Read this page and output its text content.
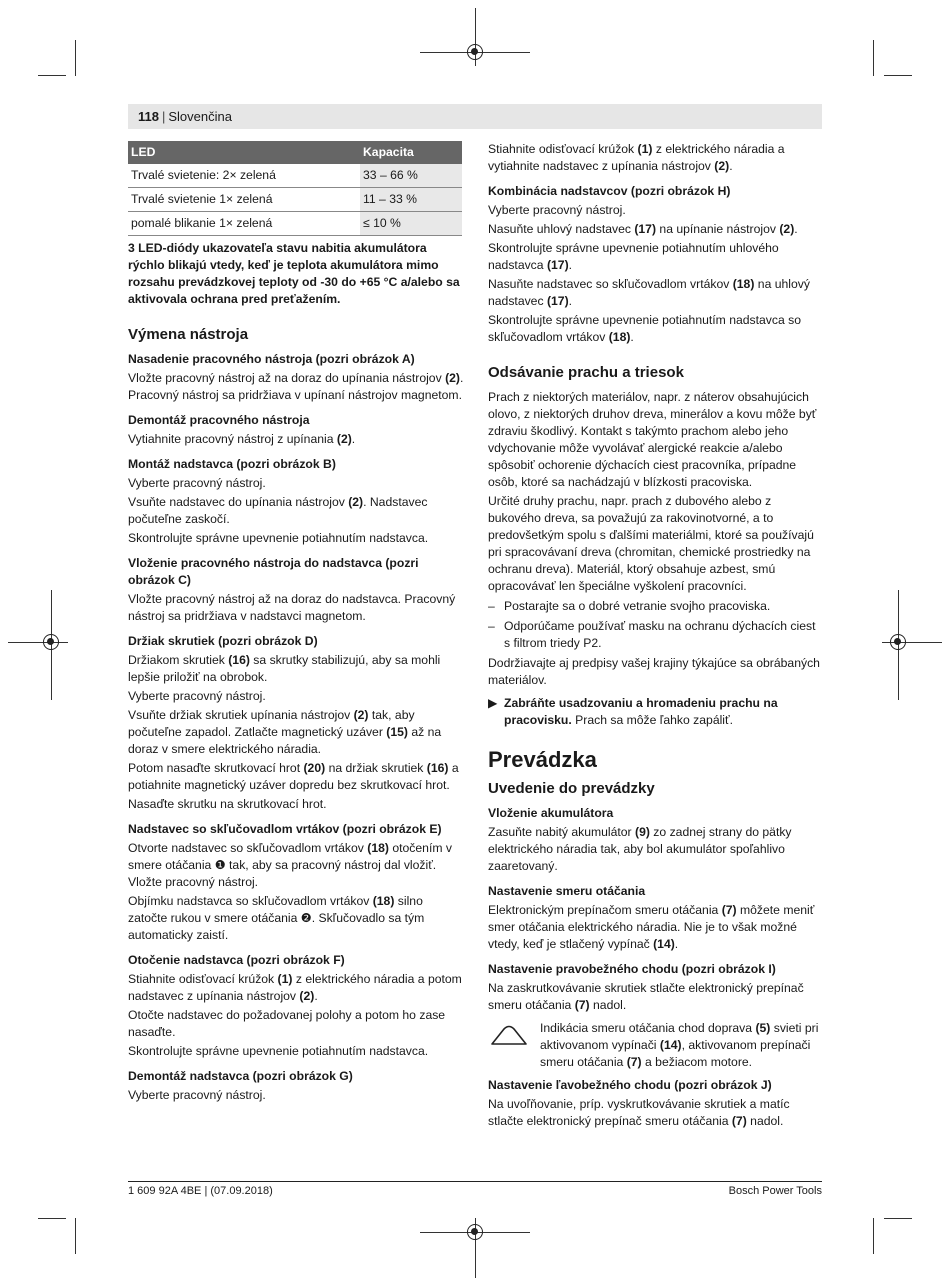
118 | Slovenčina
LED	Kapacita
Trvalé svietenie: 2× zelená	33 – 66 %
Trvalé svietenie 1× zelená	11 – 33 %
pomalé blikanie 1× zelená	≤ 10 %

3 LED-diódy ukazovateľa stavu nabitia akumulátora rýchlo blikajú vtedy, keď je teplota akumulátora mimo rozsahu prevádzkovej teploty od -30 do +65 °C a/alebo sa aktivovala ochrana pred preťažením.

Výmena nástroja
Nasadenie pracovného nástroja (pozri obrázok A)

Vložte pracovný nástroj až na doraz do upínania nástrojov (2). Pracovný nástroj sa pridržiava v upínaní nástrojov magnetom.

Demontáž pracovného nástroja

Vytiahnite pracovný nástroj z upínania (2).

Montáž nadstavca (pozri obrázok B)

Vyberte pracovný nástroj.

Vsuňte nadstavec do upínania nástrojov (2). Nadstavec počuteľne zaskočí.

Skontrolujte správne upevnenie potiahnutím nadstavca.

Vloženie pracovného nástroja do nadstavca (pozri obrázok C)

Vložte pracovný nástroj až na doraz do nadstavca. Pracovný nástroj sa pridržiava v nadstavci magnetom.

Držiak skrutiek (pozri obrázok D)

Držiakom skrutiek (16) sa skrutky stabilizujú, aby sa mohli lepšie priložiť na obrobok.

Vyberte pracovný nástroj.

Vsuňte držiak skrutiek upínania nástrojov (2) tak, aby počuteľne zapadol. Zatlačte magnetický uzáver (15) až na doraz v smere elektrického náradia.

Potom nasaďte skrutkovací hrot (20) na držiak skrutiek (16) a potiahnite magnetický uzáver dopredu bez skrutkovací hrot.

Nasaďte skrutku na skrutkovací hrot.

Nadstavec so skľučovadlom vrtákov (pozri obrázok E)

Otvorte nadstavec so skľučovadlom vrtákov (18) otočením v smere otáčania ❶ tak, aby sa pracovný nástroj dal vložiť. Vložte pracovný nástroj.

Objímku nadstavca so skľučovadlom vrtákov (18) silno zatočte rukou v smere otáčania ❷. Skľučovadlo sa tým automaticky zaistí.

Otočenie nadstavca (pozri obrázok F)

Stiahnite odisťovací krúžok (1) z elektrického náradia a potom nadstavec z upínania nástrojov (2).

Otočte nadstavec do požadovanej polohy a potom ho zase nasaďte.

Skontrolujte správne upevnenie potiahnutím nadstavca.

Demontáž nadstavca (pozri obrázok G)

Vyberte pracovný nástroj.

Stiahnite odisťovací krúžok (1) z elektrického náradia a vytiahnite nadstavec z upínania nástrojov (2).

Kombinácia nadstavcov (pozri obrázok H)

Vyberte pracovný nástroj.

Nasuňte uhlový nadstavec (17) na upínanie nástrojov (2).

Skontrolujte správne upevnenie potiahnutím uhlového nadstavca (17).

Nasuňte nadstavec so skľučovadlom vrtákov (18) na uhlový nadstavec (17).

Skontrolujte správne upevnenie potiahnutím nadstavca so skľučovadlom vrtákov (18).

Odsávanie prachu a triesok

Prach z niektorých materiálov, napr. z náterov obsahujúcich olovo, z niektorých druhov dreva, minerálov a kovu môže byť zdraviu škodlivý. Kontakt s takýmto prachom alebo jeho vdychovanie môže vyvolávať alergické reakcie a/alebo spôsobiť ochorenie dýchacích ciest pracovníka, prípadne osôb, ktoré sa nachádzajú v blízkosti pracoviska.

Určité druhy prachu, napr. prach z dubového alebo z bukového dreva, sa považujú za rakovinotvorné, a to predovšetkým spolu s ďalšími materiálmi, ktoré sa používajú pri spracovávaní dreva (chromitan, chemické prostriedky na ochranu dreva). Materiál, ktorý obsahuje azbest, smú opracovávať len špeciálne vyškolení pracovníci.

– Postarajte sa o dobré vetranie svojho pracoviska.
– Odporúčame používať masku na ochranu dýchacích ciest s filtrom triedy P2.

Dodržiavajte aj predpisy vašej krajiny týkajúce sa obrábaných materiálov.

▶ Zabráňte usadzovaniu a hromadeniu prachu na pracovisku. Prach sa môže ľahko zapáliť.
Prevádzka
Uvedenie do prevádzky
Vloženie akumulátora

Zasuňte nabitý akumulátor (9) zo zadnej strany do pätky elektrického náradia tak, aby bol akumulátor spoľahlivo zaaretovaný.

Nastavenie smeru otáčania

Elektronickým prepínačom smeru otáčania (7) môžete meniť smer otáčania elektrického náradia. Nie je to však možné vtedy, keď je stlačený vypínač (14).

Nastavenie pravobežného chodu (pozri obrázok I)

Na zaskrutkovávanie skrutiek stlačte elektronický prepínač smeru otáčania (7) nadol.

Indikácia smeru otáčania chod doprava (5) svieti pri aktivovanom vypínači (14), aktivovanom prepínači smeru otáčania (7) a bežiacom motore.
Nastavenie ľavobežného chodu (pozri obrázok J)

Na uvoľňovanie, príp. vyskrutkovávanie skrutiek a matíc stlačte elektronický prepínač smeru otáčania (7) nadol.

1 609 92A 4BE | (07.09.2018)	Bosch Power Tools
